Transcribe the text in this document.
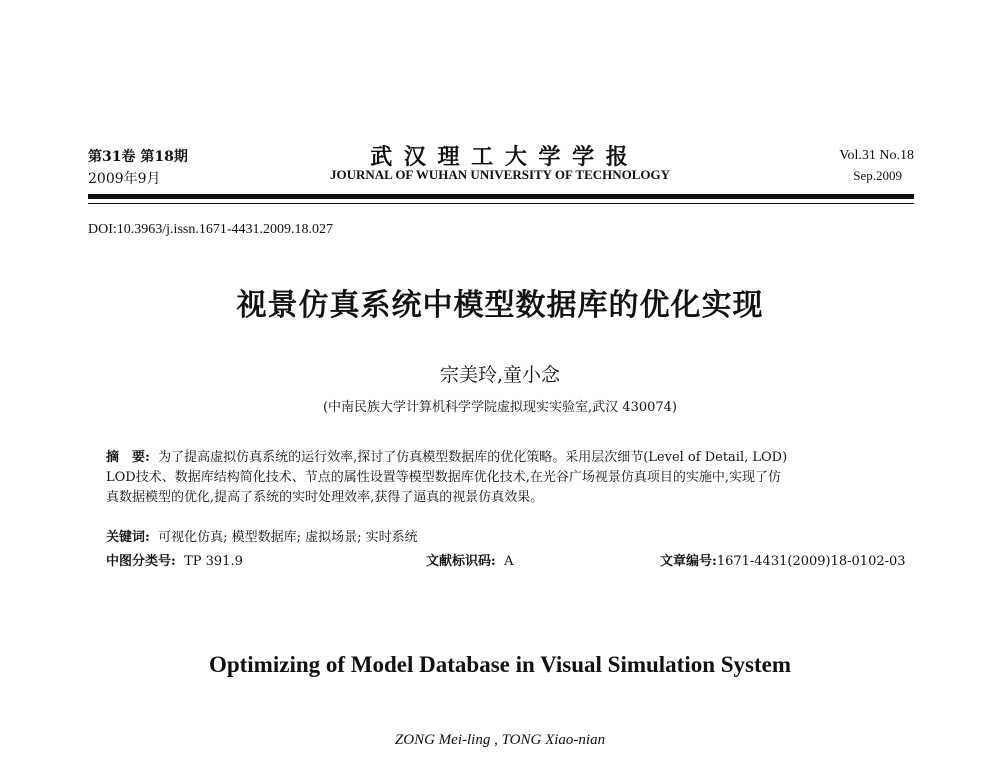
第31卷 第18期
2009年9月
武 汉 理 工 大 学 学 报
JOURNAL OF WUHAN UNIVERSITY OF TECHNOLOGY
Vol.31 No.18
Sep.2009
DOI:10.3963/j.issn.1671-4431.2009.18.027
视景仿真系统中模型数据库的优化实现
宗美玲,童小念
(中南民族大学计算机科学学院虚拟现实实验室,武汉 430074)
摘　要: 为了提高虚拟仿真系统的运行效率,探讨了仿真模型数据库的优化策略。采用层次细节(Level of Detail, LOD)
LOD技术、数据库结构简化技术、节点的属性设置等模型数据库优化技术,在光谷广场视景仿真项目的实施中,实现了仿
真数据模型的优化,提高了系统的实时处理效率,获得了逼真的视景仿真效果。
关键词: 可视化仿真; 模型数据库; 虚拟场景; 实时系统
中图分类号: TP 391.9	文献标识码: A	文章编号:1671-4431(2009)18-0102-03
Optimizing of Model Database in Visual Simulation System
ZONG Mei-ling , TONG Xiao-nian
